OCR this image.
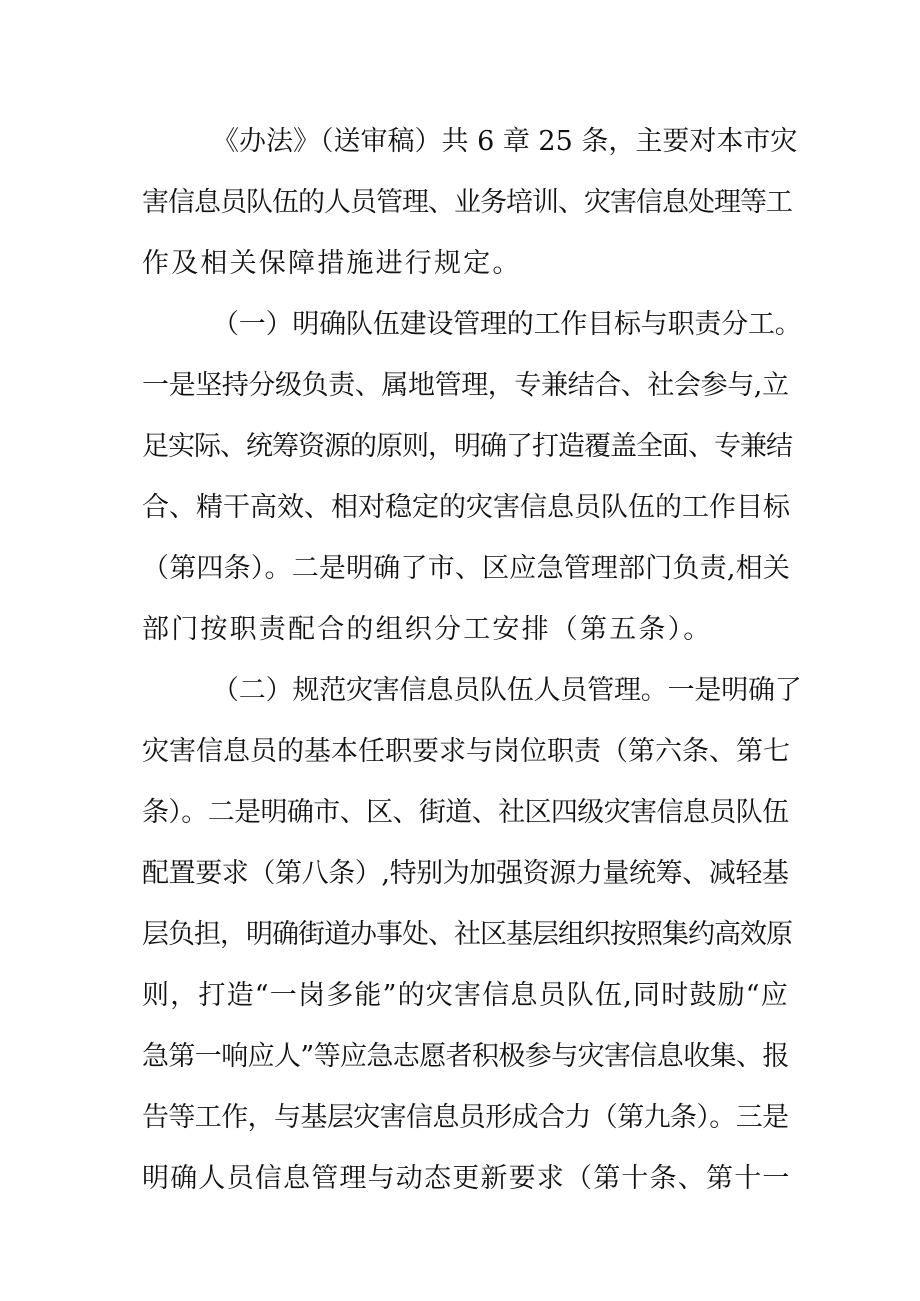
《办法》（送审稿）共 6 章 25 条，主要对本市灾

害信息员队伍的人员管理、业务培训、灾害信息处理等工

作及相关保障措施进行规定。

（一）明确队伍建设管理的工作目标与职责分工。

一是坚持分级负责、属地管理，专兼结合、社会参与,立

足实际、统筹资源的原则，明确了打造覆盖全面、专兼结

合、精干高效、相对稳定的灾害信息员队伍的工作目标

（第四条）。二是明确了市、区应急管理部门负责,相关

部门按职责配合的组织分工安排（第五条）。

（二）规范灾害信息员队伍人员管理。一是明确了

灾害信息员的基本任职要求与岗位职责（第六条、第七

条）。二是明确市、区、街道、社区四级灾害信息员队伍

配置要求（第八条）,特别为加强资源力量统筹、减轻基

层负担，明确街道办事处、社区基层组织按照集约高效原

则，打造“一岗多能”的灾害信息员队伍,同时鼓励“应

急第一响应人”等应急志愿者积极参与灾害信息收集、报

告等工作，与基层灾害信息员形成合力（第九条）。三是

明确人员信息管理与动态更新要求（第十条、第十一
